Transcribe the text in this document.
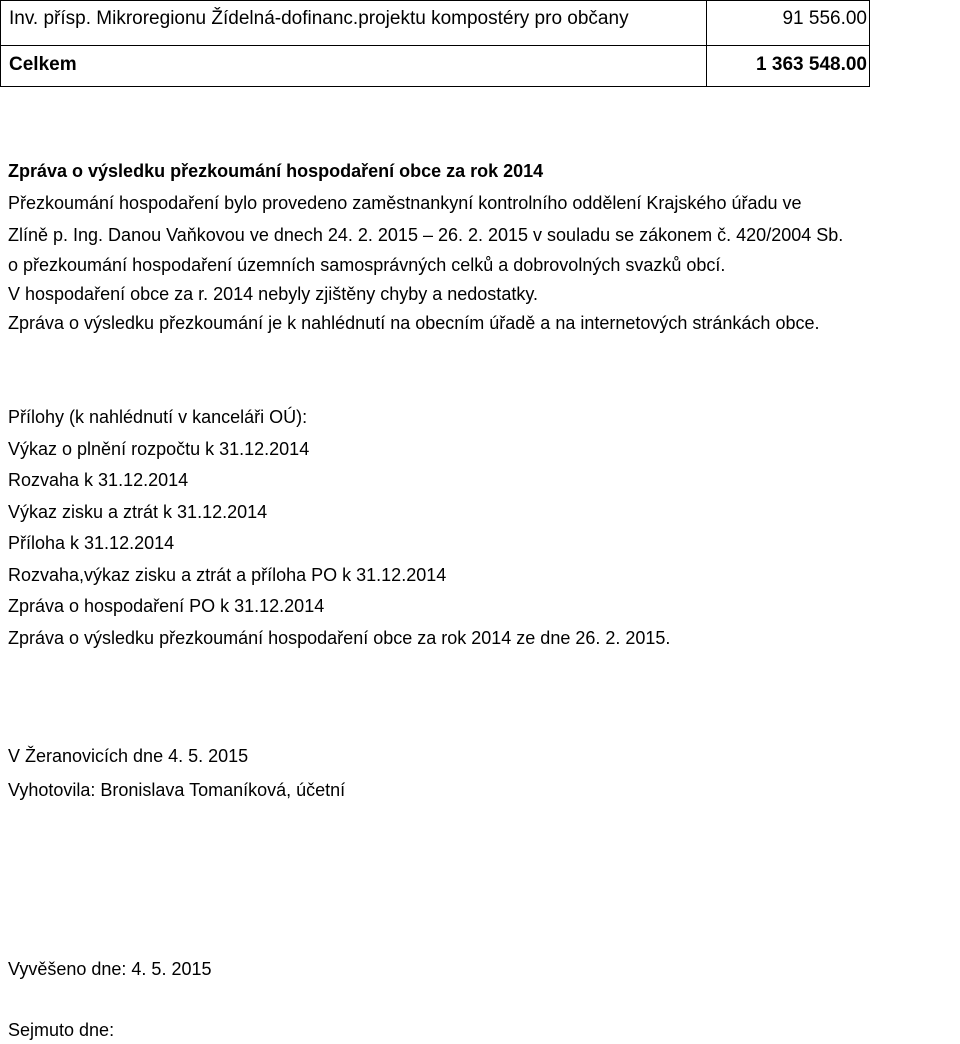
Inv. přísp. Mikroregionu Žídelná-dofinanc.projektu kompostéry pro občany	91 556.00
Celkem	1 363 548.00
Zpráva o výsledku přezkoumání hospodaření obce za rok 2014
Přezkoumání hospodaření bylo provedeno zaměstnankyní kontrolního oddělení Krajského úřadu ve
Zlíně p. Ing. Danou Vaňkovou ve dnech 24. 2. 2015 – 26. 2. 2015 v souladu se zákonem č. 420/2004 Sb.
o přezkoumání hospodaření územních samosprávných celků a dobrovolných svazků obcí.
V hospodaření obce za r. 2014 nebyly zjištěny chyby a nedostatky.
Zpráva o výsledku přezkoumání je k nahlédnutí na obecním úřadě a na internetových stránkách obce.
Přílohy (k nahlédnutí v kanceláři OÚ):
Výkaz o plnění rozpočtu k 31.12.2014
Rozvaha k 31.12.2014
Výkaz zisku a ztrát k 31.12.2014
Příloha k 31.12.2014
Rozvaha,výkaz zisku a ztrát a příloha PO k 31.12.2014
Zpráva o hospodaření PO k 31.12.2014
Zpráva o výsledku přezkoumání hospodaření obce za rok 2014 ze dne 26. 2. 2015.
V Žeranovicích dne 4. 5. 2015
Vyhotovila: Bronislava Tomaníková, účetní
Vyvěšeno dne: 4. 5. 2015
Sejmuto dne:
